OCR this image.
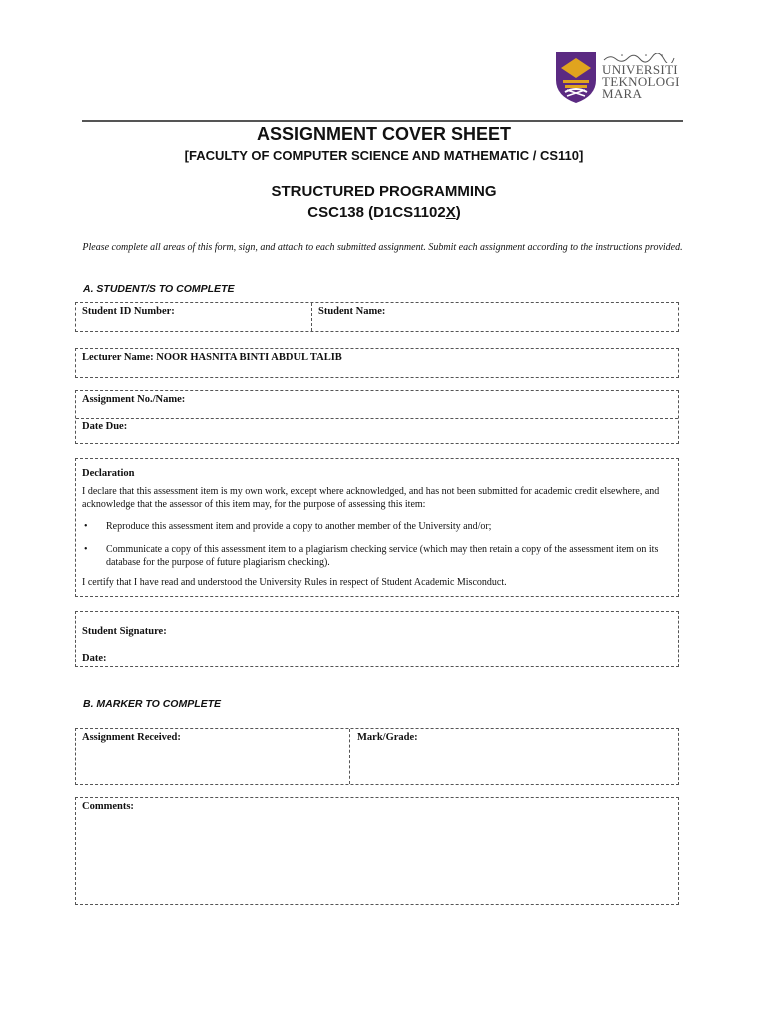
UNIVERSITI
TEKNOLOGI
MARA
ASSIGNMENT COVER SHEET
[FACULTY OF COMPUTER SCIENCE AND MATHEMATIC / CS110]
STRUCTURED PROGRAMMING
CSC138 (D1CS1102X)
Please complete all areas of this form, sign, and attach to each submitted assignment. Submit each assignment according to the instructions provided.
A. STUDENT/S TO COMPLETE
Student ID Number:	Student Name:
Lecturer Name: NOOR HASNITA BINTI ABDUL TALIB
Assignment No./Name:
Date Due:
Declaration
I declare that this assessment item is my own work, except where acknowledged, and has not been submitted for academic credit elsewhere, and acknowledge that the assessor of this item may, for the purpose of assessing this item:
• Reproduce this assessment item and provide a copy to another member of the University and/or;
• Communicate a copy of this assessment item to a plagiarism checking service (which may then retain a copy of the assessment item on its database for the purpose of future plagiarism checking).
I certify that I have read and understood the University Rules in respect of Student Academic Misconduct.
Student Signature:
Date:
B. MARKER TO COMPLETE
Assignment Received:	Mark/Grade:
Comments:
